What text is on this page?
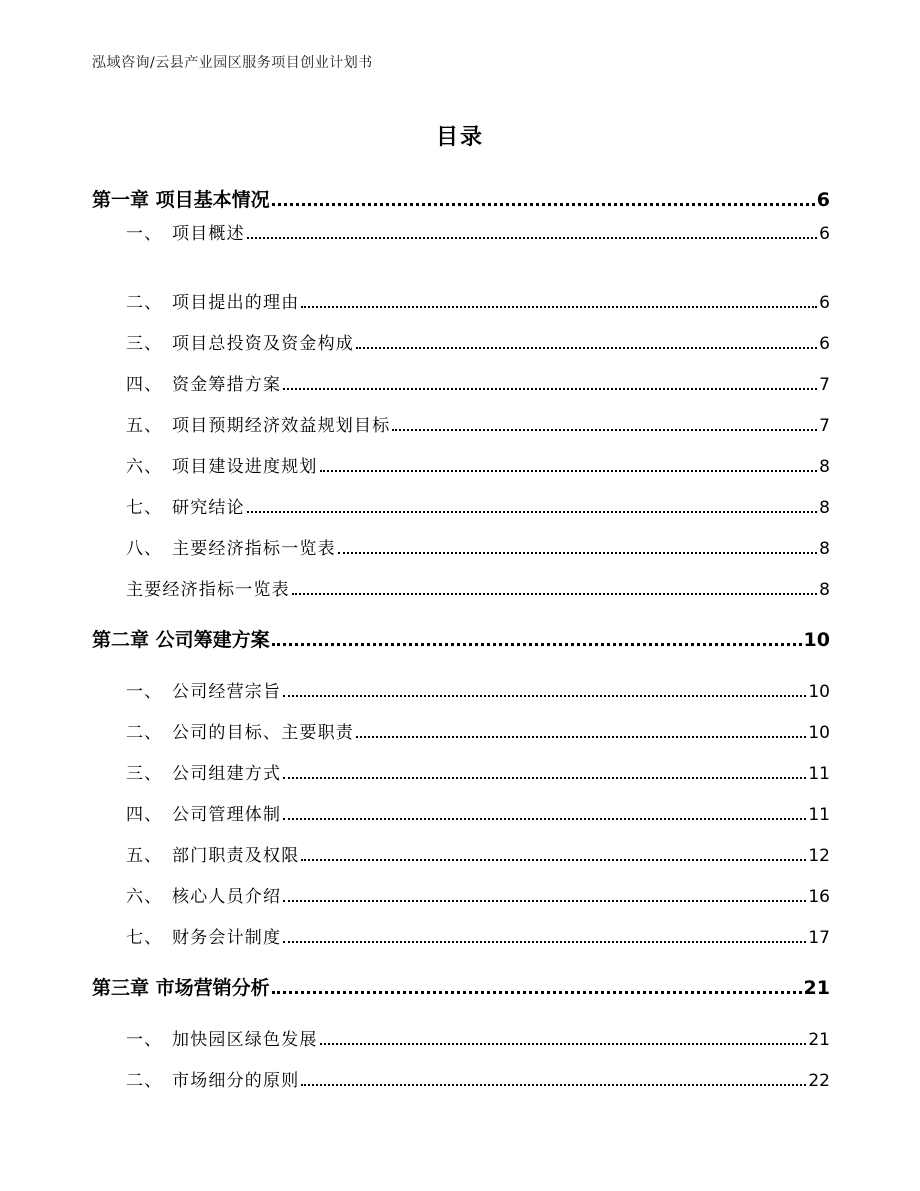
泓域咨询/云县产业园区服务项目创业计划书
目录
第一章 项目基本情况	6
一、 项目概述	6
二、 项目提出的理由	6
三、 项目总投资及资金构成	6
四、 资金筹措方案	7
五、 项目预期经济效益规划目标	7
六、 项目建设进度规划	8
七、 研究结论	8
八、 主要经济指标一览表	8
主要经济指标一览表	8
第二章 公司筹建方案	10
一、 公司经营宗旨	10
二、 公司的目标、主要职责	10
三、 公司组建方式	11
四、 公司管理体制	11
五、 部门职责及权限	12
六、 核心人员介绍	16
七、 财务会计制度	17
第三章 市场营销分析	21
一、 加快园区绿色发展	21
二、 市场细分的原则	22
